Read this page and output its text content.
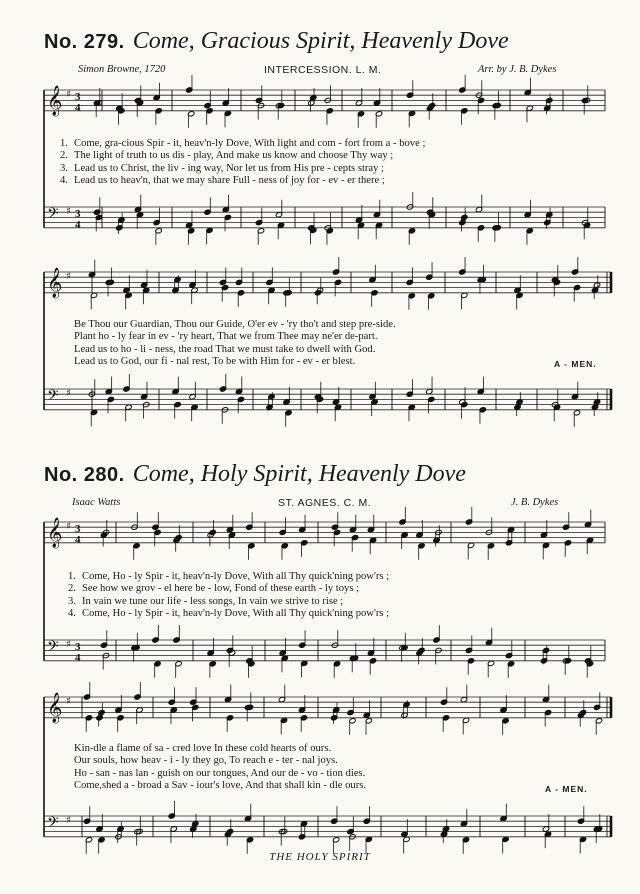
𝄞 ♯ 3
4
𝄢 ♯ 3
4
𝄞 ♯
𝄢 ♯
𝄞 ♯ 3
4
𝄢 ♯ 3
4
𝄞 ♯
𝄢 ♯
No. 279. Come, Gracious Spirit, Heavenly Dove
Simon Browne, 1720	INTERCESSION. L. M.	Arr. by J. B. Dykes
1. Come, gra-cious Spir - it, heav'n-ly Dove, With light and com - fort from a - bove ;
2. The light of truth to us dis - play, And make us know and choose Thy way ;
3. Lead us to Christ, the liv - ing way, Nor let us from His pre - cepts stray ;
4. Lead us to heav'n, that we may share Full - ness of joy for - ev - er there ;
Be Thou our Guardian, Thou our Guide, O'er ev - 'ry tho't and step pre-side.
Plant ho - ly fear in ev - 'ry heart, That we from Thee may ne'er de-part.
Lead us to ho - li - ness, the road That we must take to dwell with God.
Lead us to God, our fi - nal rest, To be with Him for - ev - er blest.	A - MEN.
No. 280. Come, Holy Spirit, Heavenly Dove
Isaac Watts	ST. AGNES. C. M.	J. B. Dykes
1. Come, Ho - ly Spir - it, heav'n-ly Dove, With all Thy quick'ning pow'rs ;
2. See how we grov - el here be - low, Fond of these earth - ly toys ;
3. In vain we tune our life - less songs, In vain we strive to rise ;
4. Come, Ho - ly Spir - it, heav'n-ly Dove, With all Thy quick'ning pow'rs ;
Kin-dle a flame of sa - cred love In these cold hearts of ours.
Our souls, how heav - i - ly they go, To reach e - ter - nal joys.
Ho - san - nas lan - guish on our tongues, And our de - vo - tion dies.
Come,shed a - broad a Sav - iour's love, And that shall kin - dle ours.	A - MEN.
THE HOLY SPIRIT
